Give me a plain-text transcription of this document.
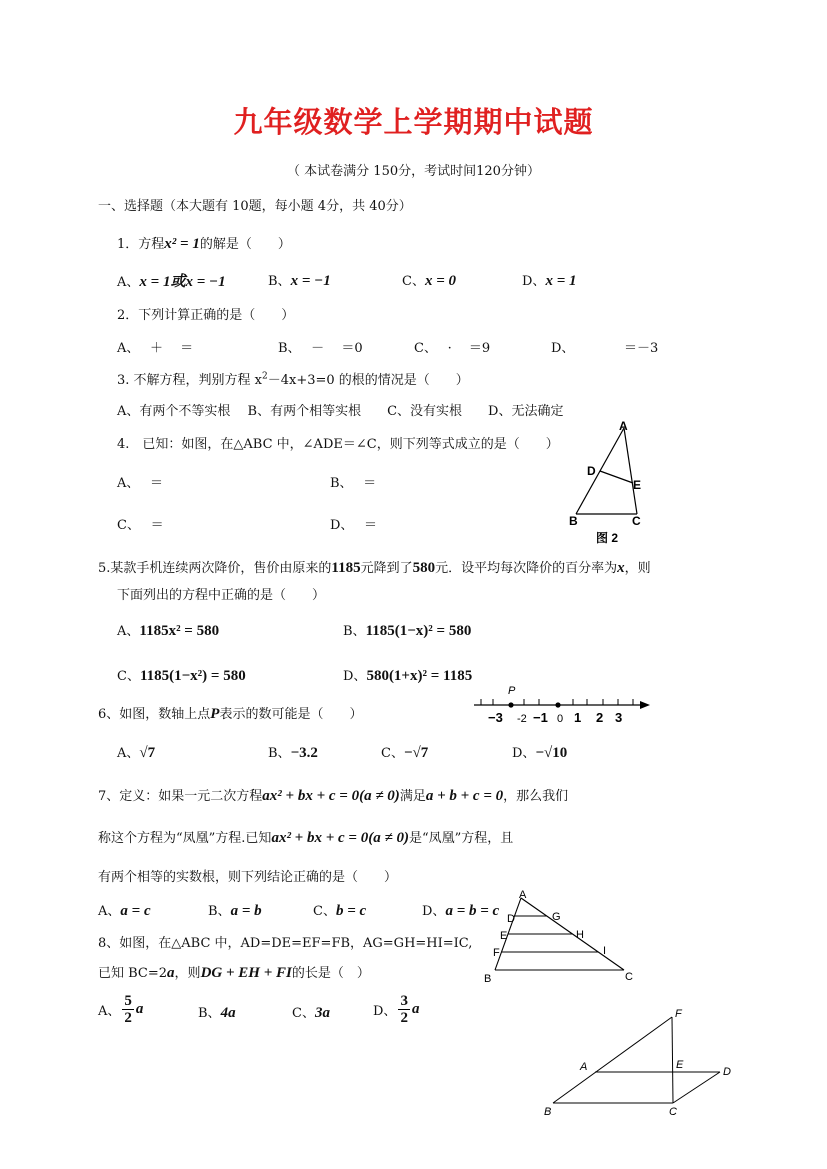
九年级数学上学期期中试题
（ 本试卷满分 150分，考试时间120分钟）
一、选择题（本大题有 10题，每小题 4分，共 40分）
1．方程x² = 1的解是（　　）
A、x = 1或x = −1	B、x = −1	C、x = 0	D、x = 1
2．下列计算正确的是（　　）
A、　 ＋　 ＝	B、　 －　 ＝0	C、　 ·　 ＝9	D、　　　　 ＝－3
3. 不解方程，判别方程 $x^2-4x+3=0$ 的根的情况是（　　）
A、有两个不等实根　 B、有两个相等实根　　C、没有实根　　D、无法确定
4.　已知：如图，在△ABC 中，∠ADE＝∠C，则下列等式成立的是（　　）
A、　 ＝	B、　 ＝
C、　 ＝	D、　 ＝
A
D
E
B	C
图 2
5.某款手机连续两次降价，售价由原来的1185元降到了580元．设平均每次降价的百分率为x，则
下面列出的方程中正确的是（　　）
A、1185x² = 580	B、1185(1−x)² = 580
C、1185(1−x²) = 580	D、580(1+x)² = 1185
6、如图，数轴上点P表示的数可能是（　　）
A、√7	B、−3.2	C、−√7	D、−√10
P
−3 -2 −1 0 1 2 3
7、定义：如果一元二次方程ax² + bx + c = 0(a ≠ 0)满足a + b + c = 0，那么我们
称这个方程为“凤凰”方程.已知ax² + bx + c = 0(a ≠ 0)是“凤凰”方程，且
有两个相等的实数根，则下列结论正确的是（　　）
A、a = c	B、a = b	C、b = c	D、a = b = c
8、如图，在△ABC 中，AD=DE=EF=FB，AG=GH=HI=IC,
已知 BC=2a，则DG + EH + FI的长是（　）
A、 $\frac{5}{2}$ a	B、4a	C、3a	D、 $\frac{3}{2}$ a
A
D	G
E	H
F	I
B	C
F
A	E
D
B	C
